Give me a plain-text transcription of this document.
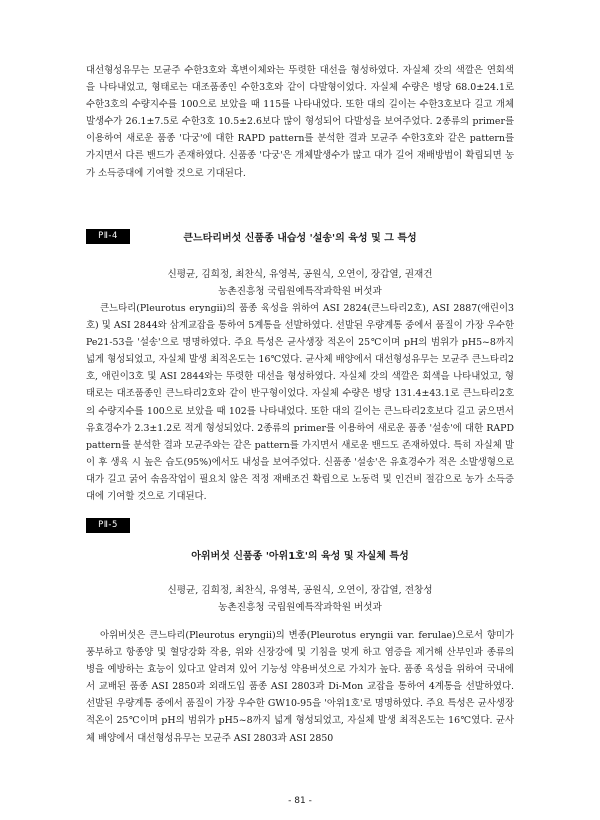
대선형성유무는 모균주 수한3호와 흑변이체와는 뚜렷한 대선을 형성하였다. 자실체 갓의 색깔은 연회색을 나타내었고, 형태로는 대조품종인 수한3호와 같이 다발형이었다. 자실체 수량은 병당 68.0±24.1로 수한3호의 수량지수를 100으로 보았을 때 115를 나타내었다. 또한 대의 길이는 수한3호보다 길고 개체발생수가 26.1±7.5로 수한3호 10.5±2.6보다 많이 형성되어 다발성을 보여주었다. 2종류의 primer를 이용하여 새로운 품종 '다궁'에 대한 RAPD pattern를 분석한 결과 모균주 수한3호와 같은 pattern를 가지면서 다른 밴드가 존재하였다. 신품종 '다궁'은 개체발생수가 많고 대가 길어 재배방법이 확립되면 농가 소득증대에 기여할 것으로 기대된다.

PⅡ-4	큰느타리버섯 신품종 내습성 '설송'의 육성 및 그 특성

신평균, 김희정, 최찬식, 유영복, 공원식, 오연이, 장갑열, 권재건

농촌진흥청 국립원예특작과학원 버섯과

큰느타리(Pleurotus eryngii)의 품종 육성을 위하여 ASI 2824(큰느타리2호), ASI 2887(애린이3호) 및 ASI 2844와 삼계교잡을 통하여 5계통을 선발하였다. 선발된 우량계통 중에서 품질이 가장 우수한 Pe21-53을 '설송'으로 명명하였다. 주요 특성은 균사생장 적온이 25℃이며 pH의 범위가 pH5~8까지 넓게 형성되었고, 자실체 발생 최적온도는 16℃였다. 균사체 배양에서 대선형성유무는 모균주 큰느타리2호, 애린이3호 및 ASI 2844와는 뚜렷한 대선을 형성하였다. 자실체 갓의 색깔은 회색을 나타내었고, 형태로는 대조품종인 큰느타리2호와 같이 반구형이었다. 자실체 수량은 병당 131.4±43.1로 큰느타리2호의 수량지수를 100으로 보았을 때 102를 나타내었다. 또한 대의 길이는 큰느타리2호보다 길고 굵으면서 유효경수가 2.3±1.2로 적게 형성되었다. 2종류의 primer를 이용하여 새로운 품종 '설송'에 대한 RAPD pattern를 분석한 결과 모균주와는 같은 pattern를 가지면서 새로운 밴드도 존재하였다. 특히 자실체 발이 후 생육 시 높은 습도(95%)에서도 내성을 보여주었다. 신품종 '설송'은 유효경수가 적은 소발생형으로 대가 길고 굵어 솎음작업이 필요치 않은 적정 재배조건 확립으로 노동력 및 인건비 절감으로 농가 소득증대에 기여할 것으로 기대된다.

PⅡ-5

아위버섯 신품종 '아위1호'의 육성 및 자실체 특성

신평균, 김희정, 최찬식, 유영복, 공원식, 오연이, 장갑열, 전창성

농촌진흥청 국립원예특작과학원 버섯과

아위버섯은 큰느타리(Pleurotus eryngii)의 변종(Pleurotus eryngii var. ferulae)으로서 향미가 풍부하고 항종양 및 혈당강화 작용, 위와 신장강에 및 기침을 멎게 하고 염증을 제거해 산부인과 종류의 병을 예방하는 효능이 있다고 알려져 있어 기능성 약용버섯으로 가치가 높다. 품종 육성을 위하여 국내에서 교배된 품종 ASI 2850과 외래도입 품종 ASI 2803과 Di-Mon 교잡을 통하여 4계통을 선발하였다. 선발된 우량계통 중에서 품질이 가장 우수한 GW10-95을 '아위1호'로 명명하였다. 주요 특성은 균사생장 적온이 25℃이며 pH의 범위가 pH5~8까지 넓게 형성되었고, 자실체 발생 최적온도는 16℃였다. 균사체 배양에서 대선형성유무는 모균주 ASI 2803과 ASI 2850

- 81 -
